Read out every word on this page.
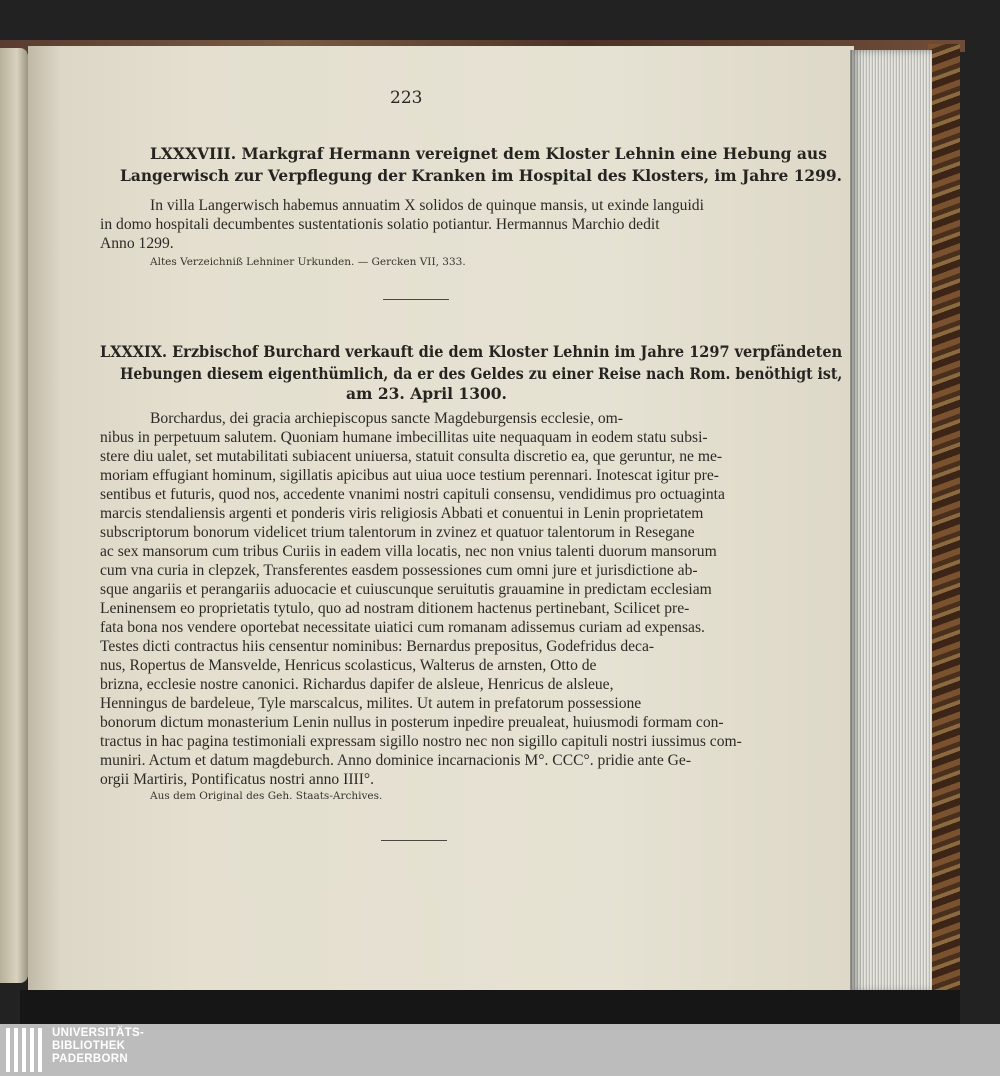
223
LXXXVIII. Markgraf Hermann vereignet dem Kloster Lehnin eine Hebung aus
Langerwisch zur Verpflegung der Kranken im Hospital des Klosters, im Jahre 1299.
In villa Langerwisch habemus annuatim X solidos de quinque mansis, ut exinde languidi
in domo hospitali decumbentes sustentationis solatio potiantur. Hermannus Marchio dedit
Anno 1299.
Altes Verzeichniß Lehniner Urkunden. — Gercken VII, 333.
LXXXIX. Erzbischof Burchard verkauft die dem Kloster Lehnin im Jahre 1297 verpfändeten
Hebungen diesem eigenthümlich, da er des Geldes zu einer Reise nach Rom. benöthigt ist,
am 23. April 1300.
Borchardus, dei gracia archiepiscopus sancte Magdeburgensis ecclesie, om-
nibus in perpetuum salutem. Quoniam humane imbecillitas uite nequaquam in eodem statu subsi-
stere diu ualet, set mutabilitati subiacent uniuersa, statuit consulta discretio ea, que geruntur, ne me-
moriam effugiant hominum, sigillatis apicibus aut uiua uoce testium perennari. Inotescat igitur pre-
sentibus et futuris, quod nos, accedente vnanimi nostri capituli consensu, vendidimus pro octuaginta
marcis stendaliensis argenti et ponderis viris religiosis Abbati et conuentui in Lenin proprietatem
subscriptorum bonorum videlicet trium talentorum in zvinez et quatuor talentorum in Resegane
ac sex mansorum cum tribus Curiis in eadem villa locatis, nec non vnius talenti duorum mansorum
cum vna curia in clepzek, Transferentes easdem possessiones cum omni jure et jurisdictione ab-
sque angariis et perangariis aduocacie et cuiuscunque seruitutis grauamine in predictam ecclesiam
Leninensem eo proprietatis tytulo, quo ad nostram ditionem hactenus pertinebant, Scilicet pre-
fata bona nos vendere oportebat necessitate uiatici cum romanam adissemus curiam ad expensas.
Testes dicti contractus hiis censentur nominibus: Bernardus prepositus, Godefridus deca-
nus, Ropertus de Mansvelde, Henricus scolasticus, Walterus de arnsten, Otto de
brizna, ecclesie nostre canonici. Richardus dapifer de alsleue, Henricus de alsleue,
Henningus de bardeleue, Tyle marscalcus, milites. Ut autem in prefatorum possessione
bonorum dictum monasterium Lenin nullus in posterum inpedire preualeat, huiusmodi formam con-
tractus in hac pagina testimoniali expressam sigillo nostro nec non sigillo capituli nostri iussimus com-
muniri. Actum et datum magdeburch. Anno dominice incarnacionis M°. CCC°. pridie ante Ge-
orgii Martiris, Pontificatus nostri anno IIII°.
Aus dem Original des Geh. Staats-Archives.
UNIVERSITÄTS-
BIBLIOTHEK
PADERBORN
